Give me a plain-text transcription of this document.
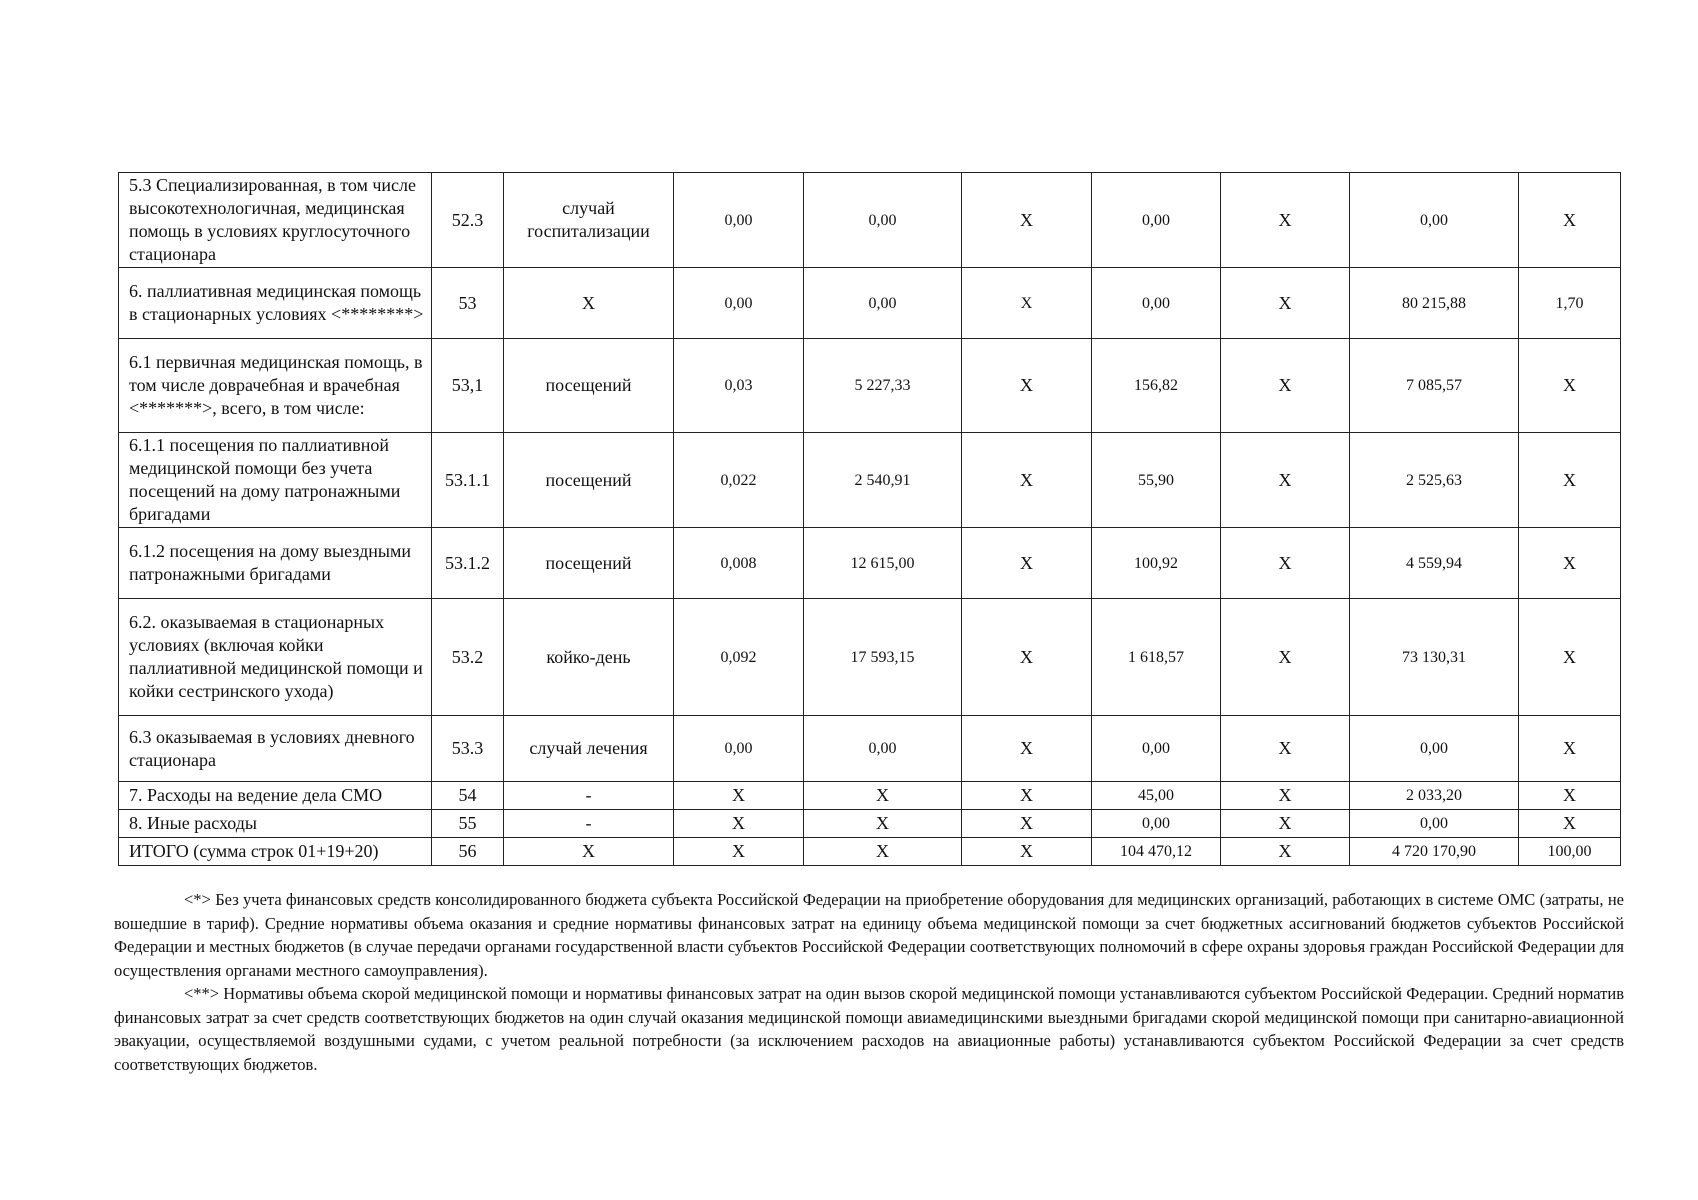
5.3 Специализированная, в том числе высокотехнологичная, медицинская помощь в условиях круглосуточного стационара	52.3	случай госпитализации	0,00	0,00	Х	0,00	Х	0,00	Х
6. паллиативная медицинская помощь в стационарных условиях <********>	53	Х	0,00	0,00	Х	0,00	Х	80 215,88	1,70
6.1 первичная медицинская помощь, в том числе доврачебная и врачебная <*******>, всего, в том числе:	53,1	посещений	0,03	5 227,33	Х	156,82	Х	7 085,57	Х
6.1.1 посещения по паллиативной медицинской помощи без учета посещений на дому патронажными бригадами	53.1.1	посещений	0,022	2 540,91	Х	55,90	Х	2 525,63	Х
6.1.2 посещения на дому выездными патронажными бригадами	53.1.2	посещений	0,008	12 615,00	Х	100,92	Х	4 559,94	Х
6.2. оказываемая в стационарных условиях (включая койки паллиативной медицинской помощи и койки сестринского ухода)	53.2	койко-день	0,092	17 593,15	Х	1 618,57	Х	73 130,31	Х
6.3 оказываемая в условиях дневного стационара	53.3	случай лечения	0,00	0,00	Х	0,00	Х	0,00	Х
7. Расходы на ведение дела СМО	54	-	Х	Х	Х	45,00	Х	2 033,20	Х
8. Иные расходы	55	-	Х	Х	Х	0,00	Х	0,00	Х
ИТОГО (сумма строк 01+19+20)	56	Х	Х	Х	Х	104 470,12	Х	4 720 170,90	100,00

<*> Без учета финансовых средств консолидированного бюджета субъекта Российской Федерации на приобретение оборудования для медицинских организаций, работающих в системе ОМС (затраты, не вошедшие в тариф). Средние нормативы объема оказания и средние нормативы финансовых затрат на единицу объема медицинской помощи за счет бюджетных ассигнований бюджетов субъектов Российской Федерации и местных бюджетов (в случае передачи органами государственной власти субъектов Российской Федерации соответствующих полномочий в сфере охраны здоровья граждан Российской Федерации для осуществления органами местного самоуправления).

<**> Нормативы объема скорой медицинской помощи и нормативы финансовых затрат на один вызов скорой медицинской помощи устанавливаются субъектом Российской Федерации. Средний норматив финансовых затрат за счет средств соответствующих бюджетов на один случай оказания медицинской помощи авиамедицинскими выездными бригадами скорой медицинской помощи при санитарно-авиационной эвакуации, осуществляемой воздушными судами, с учетом реальной потребности (за исключением расходов на авиационные работы) устанавливаются субъектом Российской Федерации за счет средств соответствующих бюджетов.
